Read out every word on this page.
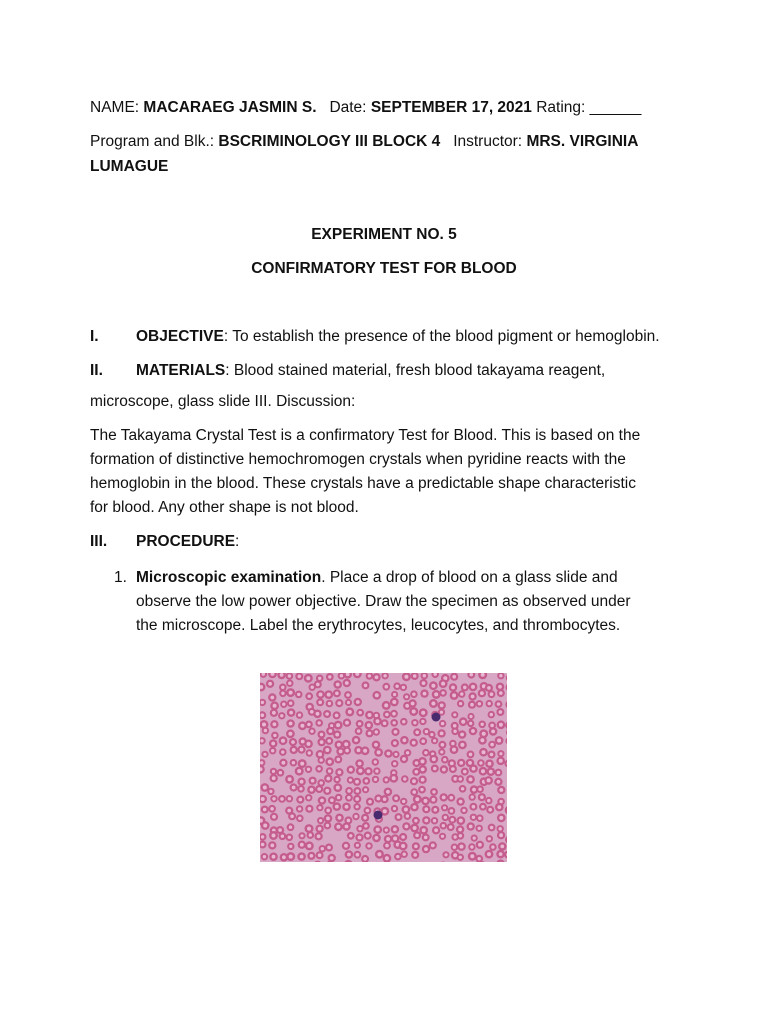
NAME: MACARAEG JASMIN S. Date: SEPTEMBER 17, 2021 Rating: ______
Program and Blk.: BSCRIMINOLOGY III BLOCK 4 Instructor: MRS. VIRGINIA
LUMAGUE
EXPERIMENT NO. 5
CONFIRMATORY TEST FOR BLOOD
I. OBJECTIVE: To establish the presence of the blood pigment or hemoglobin.
II. MATERIALS: Blood stained material, fresh blood takayama reagent,
microscope, glass slide III. Discussion:
The Takayama Crystal Test is a confirmatory Test for Blood. This is based on the
formation of distinctive hemochromogen crystals when pyridine reacts with the
hemoglobin in the blood. These crystals have a predictable shape characteristic
for blood. Any other shape is not blood.
III. PROCEDURE:
1. Microscopic examination. Place a drop of blood on a glass slide and
observe the low power objective. Draw the specimen as observed under
the microscope. Label the erythrocytes, leucocytes, and thrombocytes.
